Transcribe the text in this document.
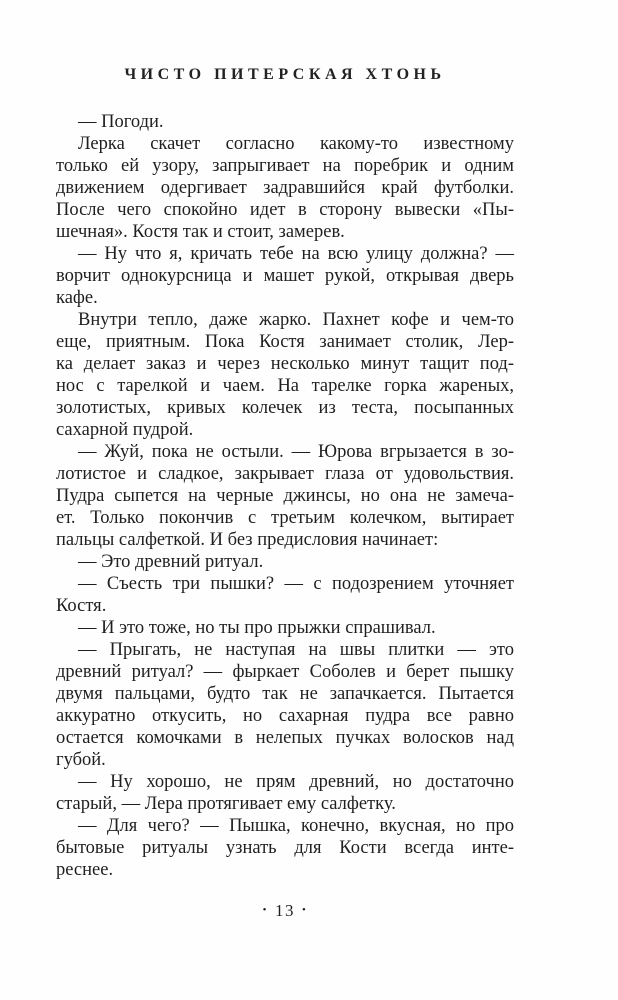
ЧИСТО ПИТЕРСКАЯ ХТОНЬ
— Погоди.
Лерка скачет согласно какому-то известному
только ей узору, запрыгивает на поребрик и одним
движением одергивает задравшийся край футболки.
После чего спокойно идет в сторону вывески «Пы-
шечная». Костя так и стоит, замерев.
— Ну что я, кричать тебе на всю улицу должна? —
ворчит однокурсница и машет рукой, открывая дверь
кафе.
Внутри тепло, даже жарко. Пахнет кофе и чем-то
еще, приятным. Пока Костя занимает столик, Лер-
ка делает заказ и через несколько минут тащит под-
нос с тарелкой и чаем. На тарелке горка жареных,
золотистых, кривых колечек из теста, посыпанных
сахарной пудрой.
— Жуй, пока не остыли. — Юрова вгрызается в зо-
лотистое и сладкое, закрывает глаза от удовольствия.
Пудра сыпется на черные джинсы, но она не замеча-
ет. Только покончив с третьим колечком, вытирает
пальцы салфеткой. И без предисловия начинает:
— Это древний ритуал.
— Съесть три пышки? — с подозрением уточняет
Костя.
— И это тоже, но ты про прыжки спрашивал.
— Прыгать, не наступая на швы плитки — это
древний ритуал? — фыркает Соболев и берет пышку
двумя пальцами, будто так не запачкается. Пытается
аккуратно откусить, но сахарная пудра все равно
остается комочками в нелепых пучках волосков над
губой.
— Ну хорошо, не прям древний, но достаточно
старый, — Лера протягивает ему салфетку.
— Для чего? — Пышка, конечно, вкусная, но про
бытовые ритуалы узнать для Кости всегда инте-
реснее.
• 13 •
